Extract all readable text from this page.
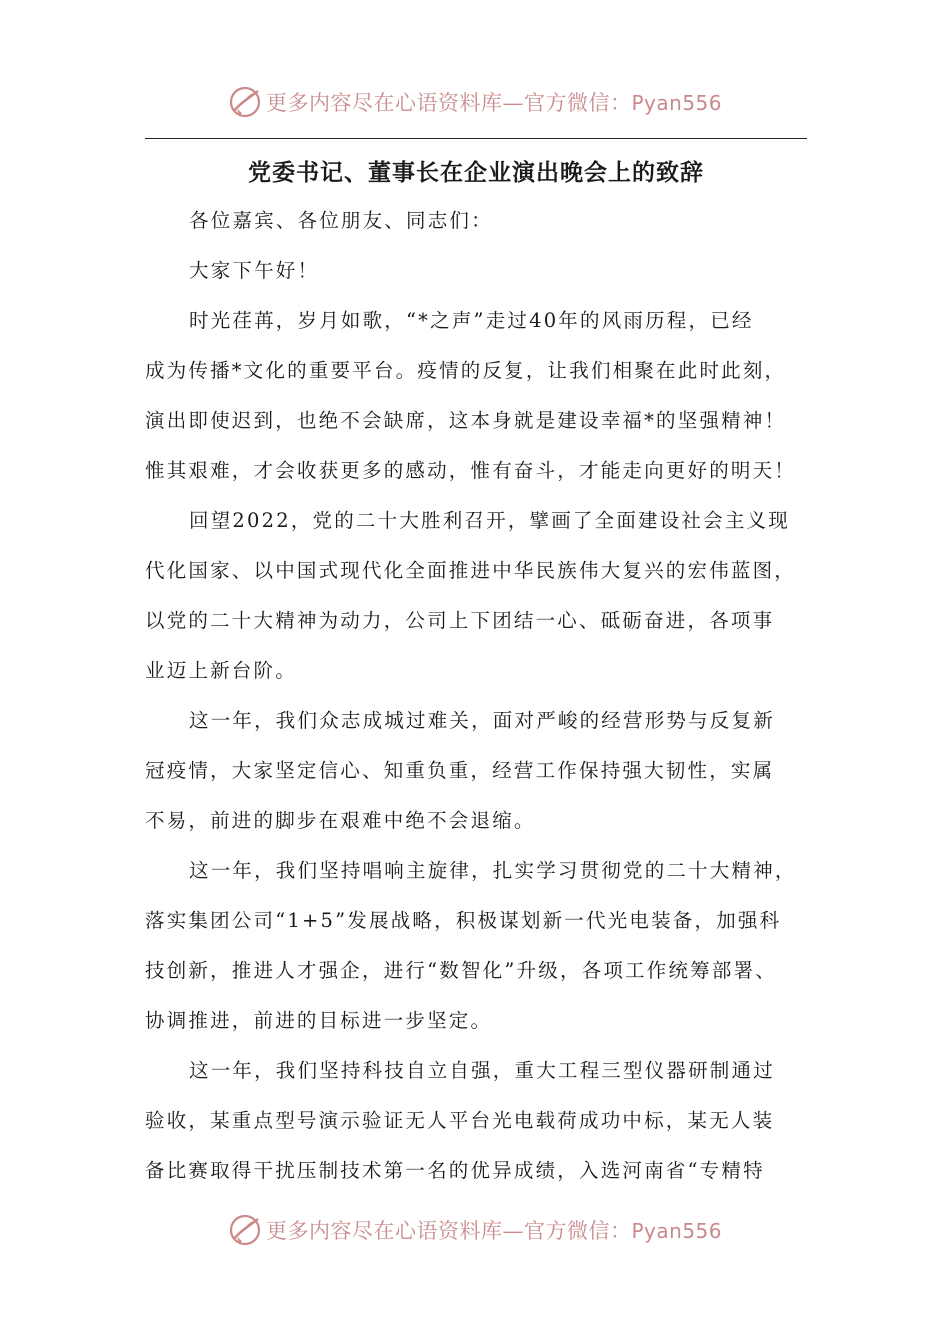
更多内容尽在心语资料库—官方微信：Pyan556
党委书记、董事长在企业演出晚会上的致辞
各位嘉宾、各位朋友、同志们：
大家下午好！
时光荏苒，岁月如歌，“*之声”走过40年的风雨历程，已经
成为传播*文化的重要平台。疫情的反复，让我们相聚在此时此刻，
演出即使迟到，也绝不会缺席，这本身就是建设幸福*的坚强精神！
惟其艰难，才会收获更多的感动，惟有奋斗，才能走向更好的明天！
回望2022，党的二十大胜利召开，擘画了全面建设社会主义现
代化国家、以中国式现代化全面推进中华民族伟大复兴的宏伟蓝图，
以党的二十大精神为动力，公司上下团结一心、砥砺奋进，各项事
业迈上新台阶。
这一年，我们众志成城过难关，面对严峻的经营形势与反复新
冠疫情，大家坚定信心、知重负重，经营工作保持强大韧性，实属
不易，前进的脚步在艰难中绝不会退缩。
这一年，我们坚持唱响主旋律，扎实学习贯彻党的二十大精神，
落实集团公司“1+5”发展战略，积极谋划新一代光电装备，加强科
技创新，推进人才强企，进行“数智化”升级，各项工作统筹部署、
协调推进，前进的目标进一步坚定。
这一年，我们坚持科技自立自强，重大工程三型仪器研制通过
验收，某重点型号演示验证无人平台光电载荷成功中标，某无人装
备比赛取得干扰压制技术第一名的优异成绩，入选河南省“专精特
更多内容尽在心语资料库—官方微信：Pyan556
